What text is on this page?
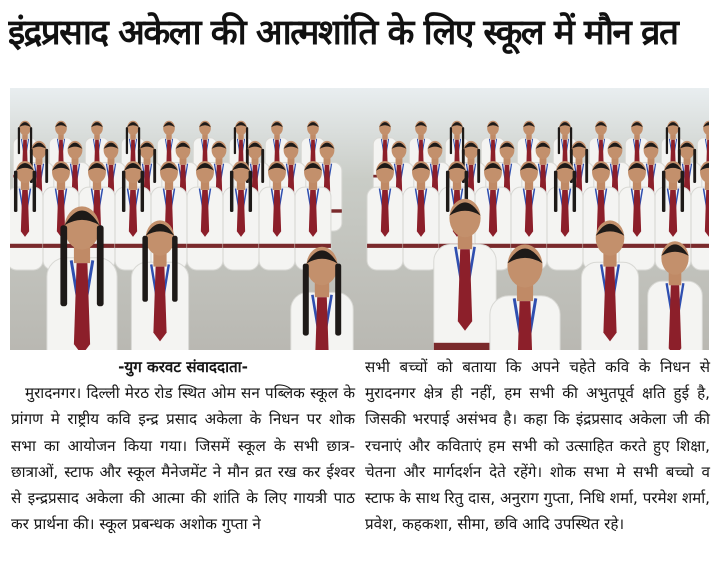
इंद्रप्रसाद अकेला की आत्मशांति के लिए स्कूल में मौन व्रत
-युग करवट संवाददाता-

मुरादनगर। दिल्ली मेरठ रोड स्थित ओम सन पब्लिक स्कूल के प्रांगण मे राष्ट्रीय कवि इन्द्र प्रसाद अकेला के निधन पर शोक सभा का आयोजन किया गया। जिसमें स्कूल के सभी छात्र-छात्राओं, स्टाफ और स्कूल मैनेजमेंट ने मौन व्रत रख कर ईश्वर से इन्द्रप्रसाद अकेला की आत्मा की शांति के लिए गायत्री पाठ कर प्रार्थना की। स्कूल प्रबन्धक अशोक गुप्ता ने

सभी बच्चों को बताया कि अपने चहेते कवि के निधन से मुरादनगर क्षेत्र ही नहीं, हम सभी की अभुतपूर्व क्षति हुई है, जिसकी भरपाई असंभव है। कहा कि इंद्रप्रसाद अकेला जी की रचनाएं और कविताएं हम सभी को उत्साहित करते हुए शिक्षा, चेतना और मार्गदर्शन देते रहेंगे। शोक सभा मे सभी बच्चो व स्टाफ के साथ रितु दास, अनुराग गुप्ता, निधि शर्मा, परमेश शर्मा, प्रवेश, कहकशा, सीमा, छवि आदि उपस्थित रहे।
